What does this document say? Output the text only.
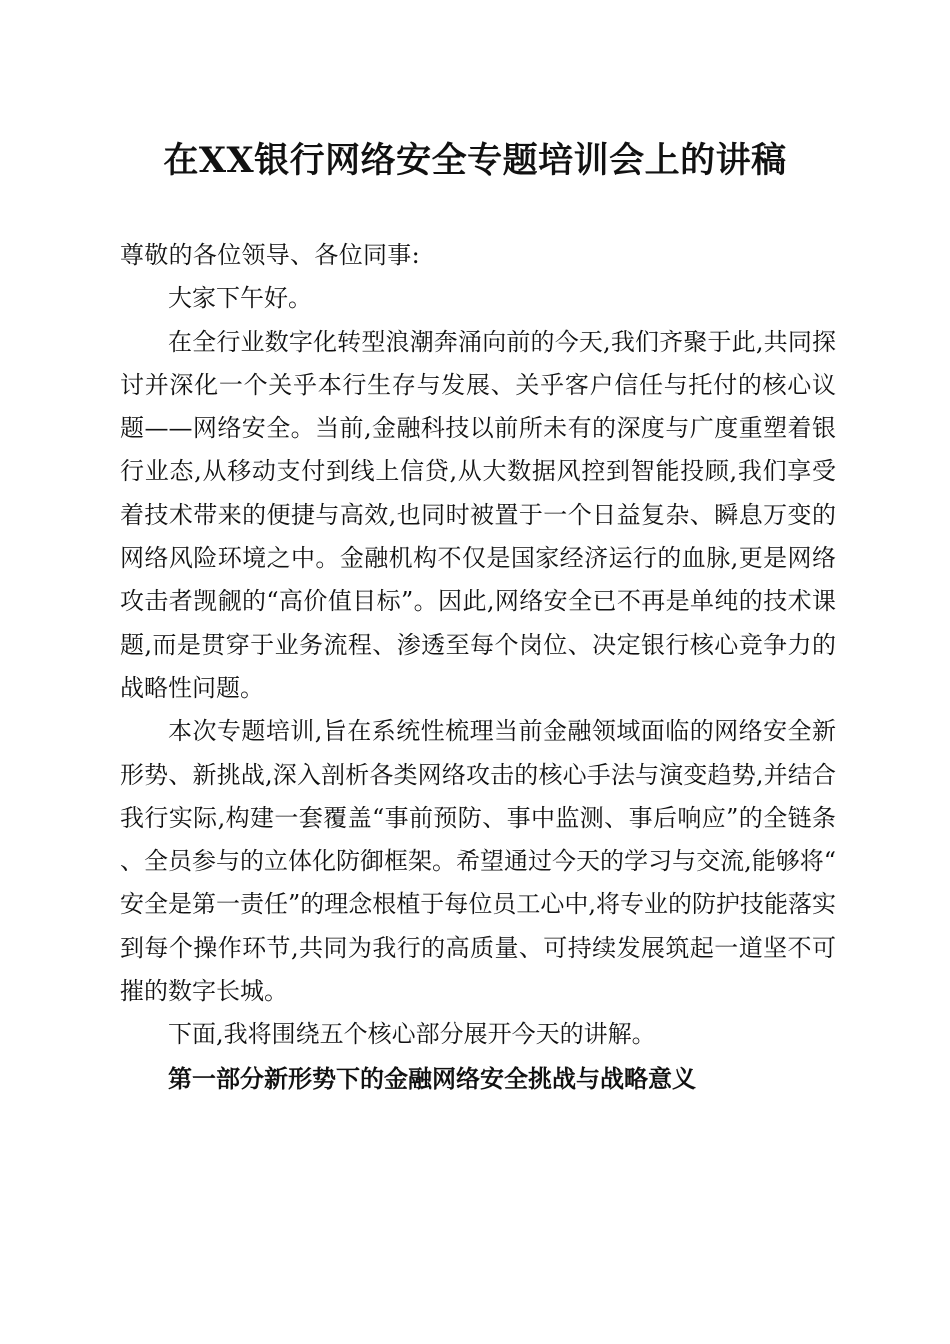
在XX银行网络安全专题培训会上的讲稿

尊敬的各位领导、各位同事:

大家下午好。

在全行业数字化转型浪潮奔涌向前的今天,我们齐聚于此,共同探讨并深化一个关乎本行生存与发展、关乎客户信任与托付的核心议题——网络安全。当前,金融科技以前所未有的深度与广度重塑着银行业态,从移动支付到线上信贷,从大数据风控到智能投顾,我们享受着技术带来的便捷与高效,也同时被置于一个日益复杂、瞬息万变的网络风险环境之中。金融机构不仅是国家经济运行的血脉,更是网络攻击者觊觎的“高价值目标”。因此,网络安全已不再是单纯的技术课题,而是贯穿于业务流程、渗透至每个岗位、决定银行核心竞争力的战略性问题。

本次专题培训,旨在系统性梳理当前金融领域面临的网络安全新形势、新挑战,深入剖析各类网络攻击的核心手法与演变趋势,并结合我行实际,构建一套覆盖“事前预防、事中监测、事后响应”的全链条、全员参与的立体化防御框架。希望通过今天的学习与交流,能够将“安全是第一责任”的理念根植于每位员工心中,将专业的防护技能落实到每个操作环节,共同为我行的高质量、可持续发展筑起一道坚不可摧的数字长城。

下面,我将围绕五个核心部分展开今天的讲解。

第一部分新形势下的金融网络安全挑战与战略意义
